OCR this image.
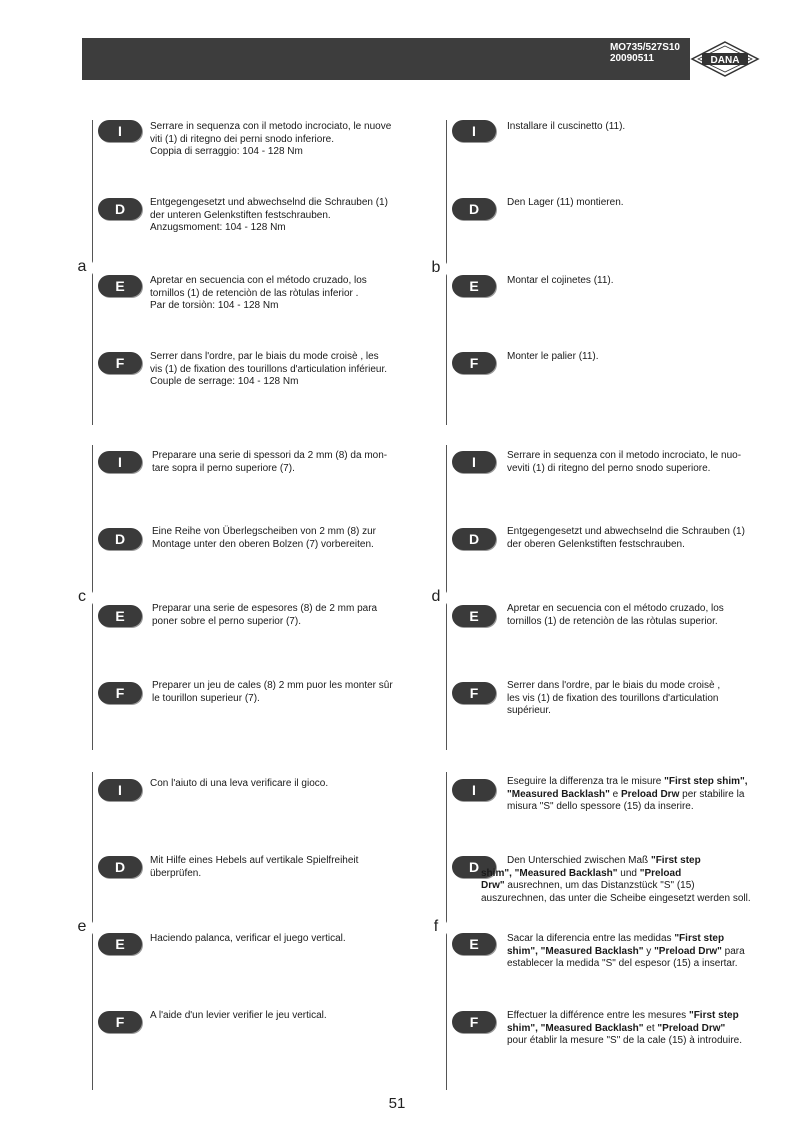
MO735/527S10
20090511	DANA
a	b
c	d
e	f
I	Serrare in sequenza con il metodo incrociato, le nuove
viti (1) di ritegno dei perni snodo inferiore.
Coppia di serraggio: 104 - 128 Nm
D	Entgegengesetzt und abwechselnd die Schrauben (1)
der unteren Gelenkstiften festschrauben.
Anzugsmoment: 104 - 128 Nm
E	Apretar en secuencia con el método cruzado, los
tornillos (1) de retenciòn de las ròtulas inferior .
Par de torsiòn: 104 - 128 Nm
F	Serrer dans l'ordre, par le biais du mode croisè , les
vis (1) de fixation des tourillons d'articulation inférieur.
Couple de serrage: 104 - 128 Nm
I	Installare il cuscinetto (11).
D	Den Lager (11) montieren.
E	Montar el cojinetes (11).
F	Monter le palier (11).
I	Preparare una serie di spessori da 2 mm (8) da mon-
tare sopra il perno superiore (7).
D	Eine Reihe von Überlegscheiben von 2 mm (8) zur
Montage unter den oberen Bolzen (7) vorbereiten.
E	Preparar una serie de espesores (8) de 2 mm para
poner sobre el perno superior (7).
F	Preparer un jeu de cales (8) 2 mm puor les monter sûr
le tourillon superieur (7).
I	Serrare in sequenza con il metodo incrociato, le nuo-
veviti (1) di ritegno del perno snodo superiore.
D	Entgegengesetzt und abwechselnd die Schrauben (1)
der oberen Gelenkstiften festschrauben.
E	Apretar en secuencia con el método cruzado, los
tornillos (1) de retenciòn de las ròtulas superior.
F	Serrer dans l'ordre, par le biais du mode croisè ,
les vis (1) de fixation des tourillons d'articulation
supérieur.
I	Con l'aiuto di una leva verificare il gioco.
D	Mit Hilfe eines Hebels auf vertikale Spielfreiheit
überprüfen.
E	Haciendo palanca, verificar el juego vertical.
F	A l'aide d'un levier verifier le jeu vertical.
I
Eseguire la differenza tra le misure "First step shim",
"Measured Backlash" e Preload Drw per stabilire la
misura "S" dello spessore (15) da inserire.
D	Den Unterschied zwischen Maß "First step
shim", "Measured Backlash" und "Preload
Drw" ausrechnen, um das Distanzstück "S" (15)
auszurechnen, das unter die Scheibe eingesetzt werden soll.
E	Sacar la diferencia entre las medidas "First step
shim", "Measured Backlash" y "Preload Drw" para
establecer la medida "S" del espesor (15) a insertar.
F	Effectuer la différence entre les mesures "First step
shim", "Measured Backlash" et "Preload Drw"
pour établir la mesure "S" de la cale (15) à introduire.
51
